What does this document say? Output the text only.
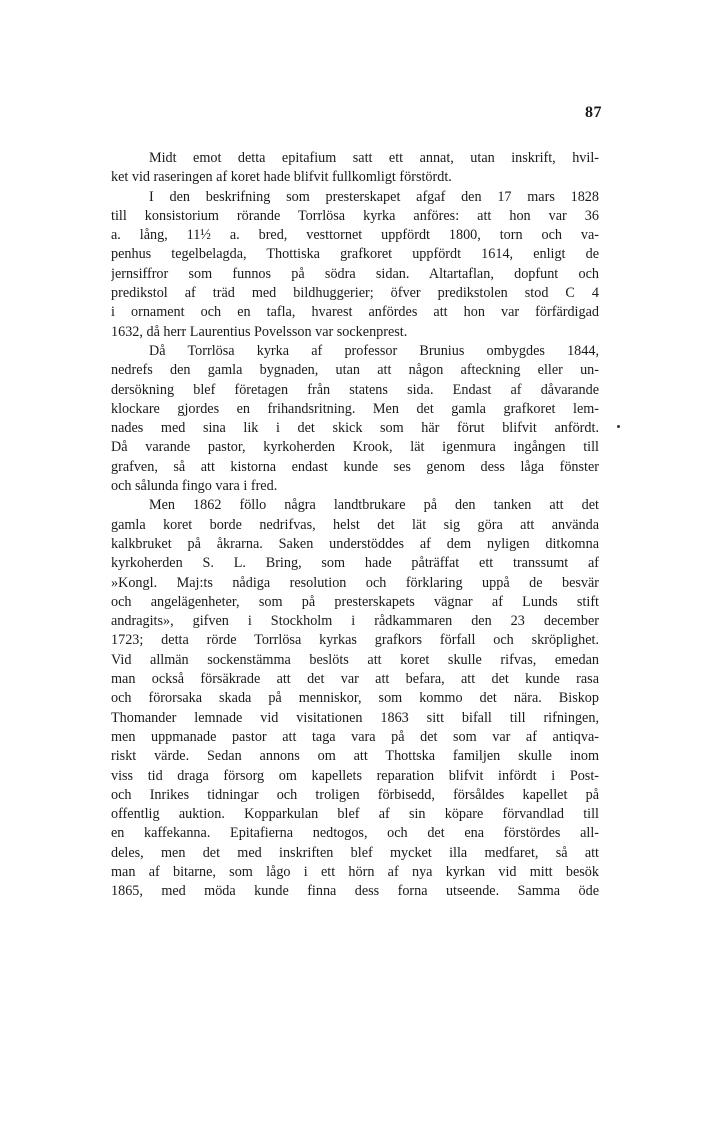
87
Midt emot detta epitafium satt ett annat, utan inskrift, hvil-
ket vid raseringen af koret hade blifvit fullkomligt förstördt.
I den beskrifning som presterskapet afgaf den 17 mars 1828
till konsistorium rörande Torrlösa kyrka anföres: att hon var 36
a. lång, 11½ a. bred, vesttornet uppfördt 1800, torn och va-
penhus tegelbelagda, Thottiska grafkoret uppfördt 1614, enligt de
jernsiffror som funnos på södra sidan. Altartaflan, dopfunt och
predikstol af träd med bildhuggerier; öfver predikstolen stod C 4
i ornament och en tafla, hvarest anfördes att hon var förfärdigad
1632, då herr Laurentius Povelsson var sockenprest.
Då Torrlösa kyrka af professor Brunius ombygdes 1844,
nedrefs den gamla bygnaden, utan att någon afteckning eller un-
dersökning blef företagen från statens sida. Endast af dåvarande
klockare gjordes en frihandsritning. Men det gamla grafkoret lem-
nades med sina lik i det skick som här förut blifvit anfördt.
Då varande pastor, kyrkoherden Krook, lät igenmura ingången till
grafven, så att kistorna endast kunde ses genom dess låga fönster
och sålunda fingo vara i fred.
Men 1862 föllo några landtbrukare på den tanken att det
gamla koret borde nedrifvas, helst det lät sig göra att använda
kalkbruket på åkrarna. Saken understöddes af dem nyligen ditkomna
kyrkoherden S. L. Bring, som hade påträffat ett transsumt af
»Kongl. Maj:ts nådiga resolution och förklaring uppå de besvär
och angelägenheter, som på presterskapets vägnar af Lunds stift
andragits», gifven i Stockholm i rådkammaren den 23 december
1723; detta rörde Torrlösa kyrkas grafkors förfall och skröplighet.
Vid allmän sockenstämma beslöts att koret skulle rifvas, emedan
man också försäkrade att det var att befara, att det kunde rasa
och förorsaka skada på menniskor, som kommo det nära. Biskop
Thomander lemnade vid visitationen 1863 sitt bifall till rifningen,
men uppmanade pastor att taga vara på det som var af antiqva-
riskt värde. Sedan annons om att Thottska familjen skulle inom
viss tid draga försorg om kapellets reparation blifvit infördt i Post-
och Inrikes tidningar och troligen förbisedd, försåldes kapellet på
offentlig auktion. Kopparkulan blef af sin köpare förvandlad till
en kaffekanna. Epitafierna nedtogos, och det ena förstördes all-
deles, men det med inskriften blef mycket illa medfaret, så att
man af bitarne, som lågo i ett hörn af nya kyrkan vid mitt besök
1865, med möda kunde finna dess forna utseende. Samma öde
